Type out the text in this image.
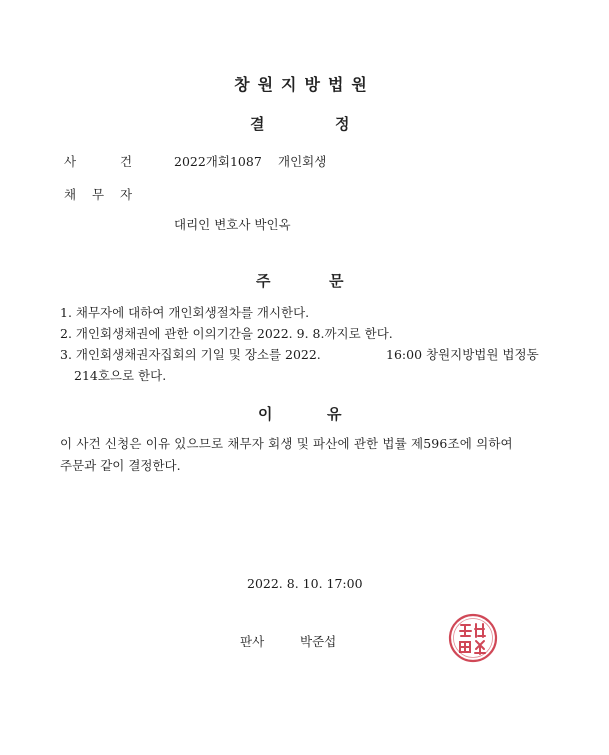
창원지방법원
결	정
사	건	2022개회1087 개인회생
채 무 자
대리인 변호사 박인옥
주	문
1. 채무자에 대하여 개인회생절차를 개시한다.
2. 개인회생채권에 관한 이의기간을 2022. 9. 8.까지로 한다.
3. 개인회생채권자집회의 기일 및 장소를 2022.	16:00 창원지방법원 법정동
214호으로 한다.
이	유
이 사건 신청은 이유 있으므로 채무자 회생 및 파산에 관한 법률 제596조에 의하여
주문과 같이 결정한다.
2022. 8. 10. 17:00
판사	박준섭
